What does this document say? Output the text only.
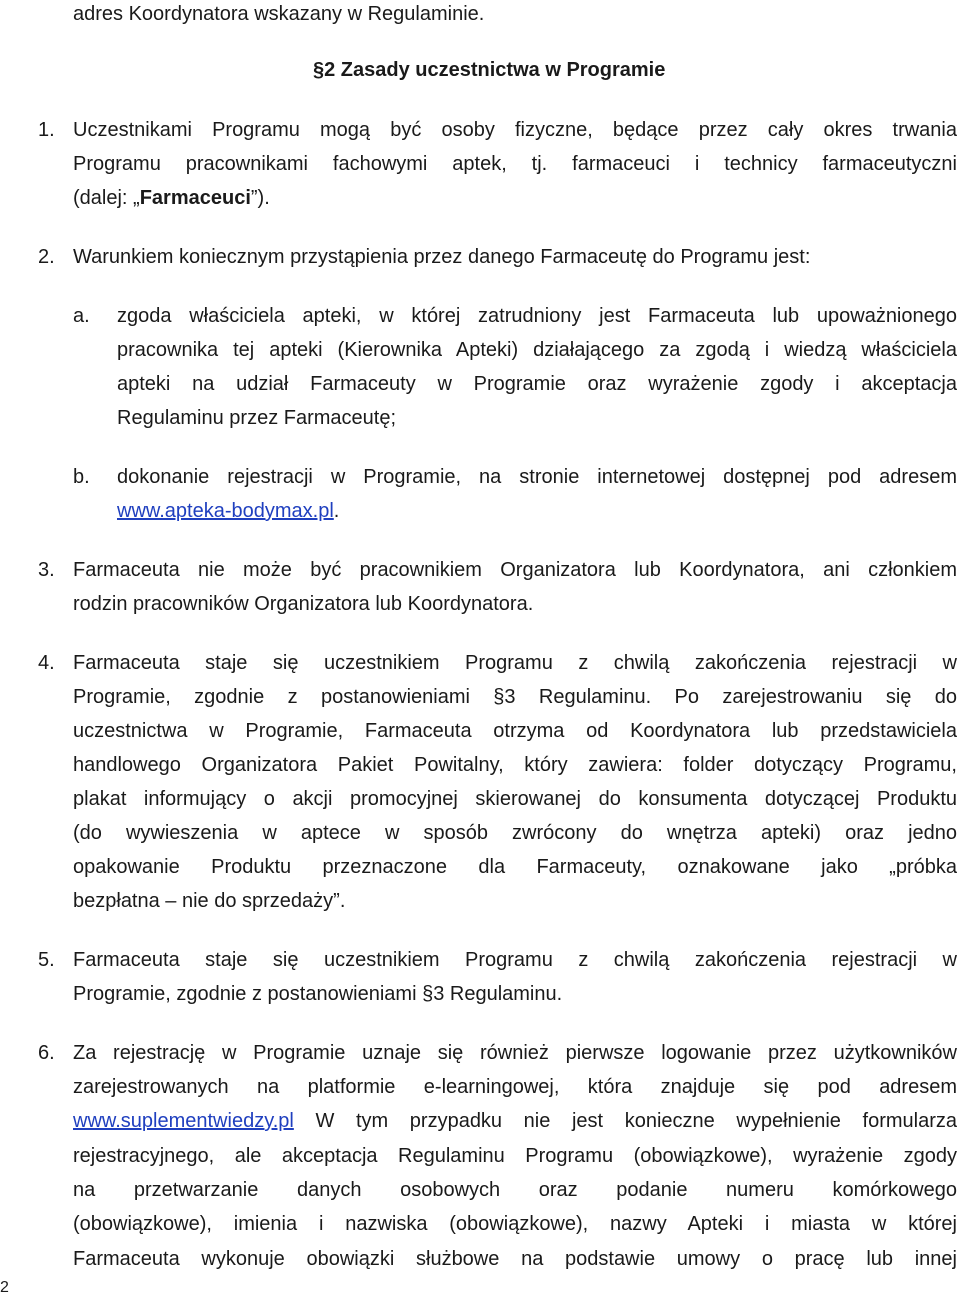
adres Koordynatora wskazany w Regulaminie.
§2 Zasady uczestnictwa w Programie
1. Uczestnikami Programu mogą być osoby fizyczne, będące przez cały okres trwania
Programu pracownikami fachowymi aptek, tj. farmaceuci i technicy farmaceutyczni
(dalej: „Farmaceuci”).
2. Warunkiem koniecznym przystąpienia przez danego Farmaceutę do Programu jest:
a. zgoda właściciela apteki, w której zatrudniony jest Farmaceuta lub upoważnionego
pracownika tej apteki (Kierownika Apteki) działającego za zgodą i wiedzą właściciela
apteki na udział Farmaceuty w Programie oraz wyrażenie zgody i akceptacja
Regulaminu przez Farmaceutę;
b. dokonanie rejestracji w Programie, na stronie internetowej dostępnej pod adresem
www.apteka-bodymax.pl.
3. Farmaceuta nie może być pracownikiem Organizatora lub Koordynatora, ani członkiem
rodzin pracowników Organizatora lub Koordynatora.
4. Farmaceuta staje się uczestnikiem Programu z chwilą zakończenia rejestracji w
Programie, zgodnie z postanowieniami §3 Regulaminu. Po zarejestrowaniu się do
uczestnictwa w Programie, Farmaceuta otrzyma od Koordynatora lub przedstawiciela
handlowego Organizatora Pakiet Powitalny, który zawiera: folder dotyczący Programu,
plakat informujący o akcji promocyjnej skierowanej do konsumenta dotyczącej Produktu
(do wywieszenia w aptece w sposób zwrócony do wnętrza apteki) oraz jedno
opakowanie Produktu przeznaczone dla Farmaceuty, oznakowane jako „próbka
bezpłatna – nie do sprzedaży”.
5. Farmaceuta staje się uczestnikiem Programu z chwilą zakończenia rejestracji w
Programie, zgodnie z postanowieniami §3 Regulaminu.
6. Za rejestrację w Programie uznaje się również pierwsze logowanie przez użytkowników
zarejestrowanych na platformie e-learningowej, która znajduje się pod adresem
www.suplementwiedzy.pl W tym przypadku nie jest konieczne wypełnienie formularza
rejestracyjnego, ale akceptacja Regulaminu Programu (obowiązkowe), wyrażenie zgody
na przetwarzanie danych osobowych oraz podanie numeru komórkowego
(obowiązkowe), imienia i nazwiska (obowiązkowe), nazwy Apteki i miasta w której
Farmaceuta wykonuje obowiązki służbowe na podstawie umowy o pracę lub innej
2
